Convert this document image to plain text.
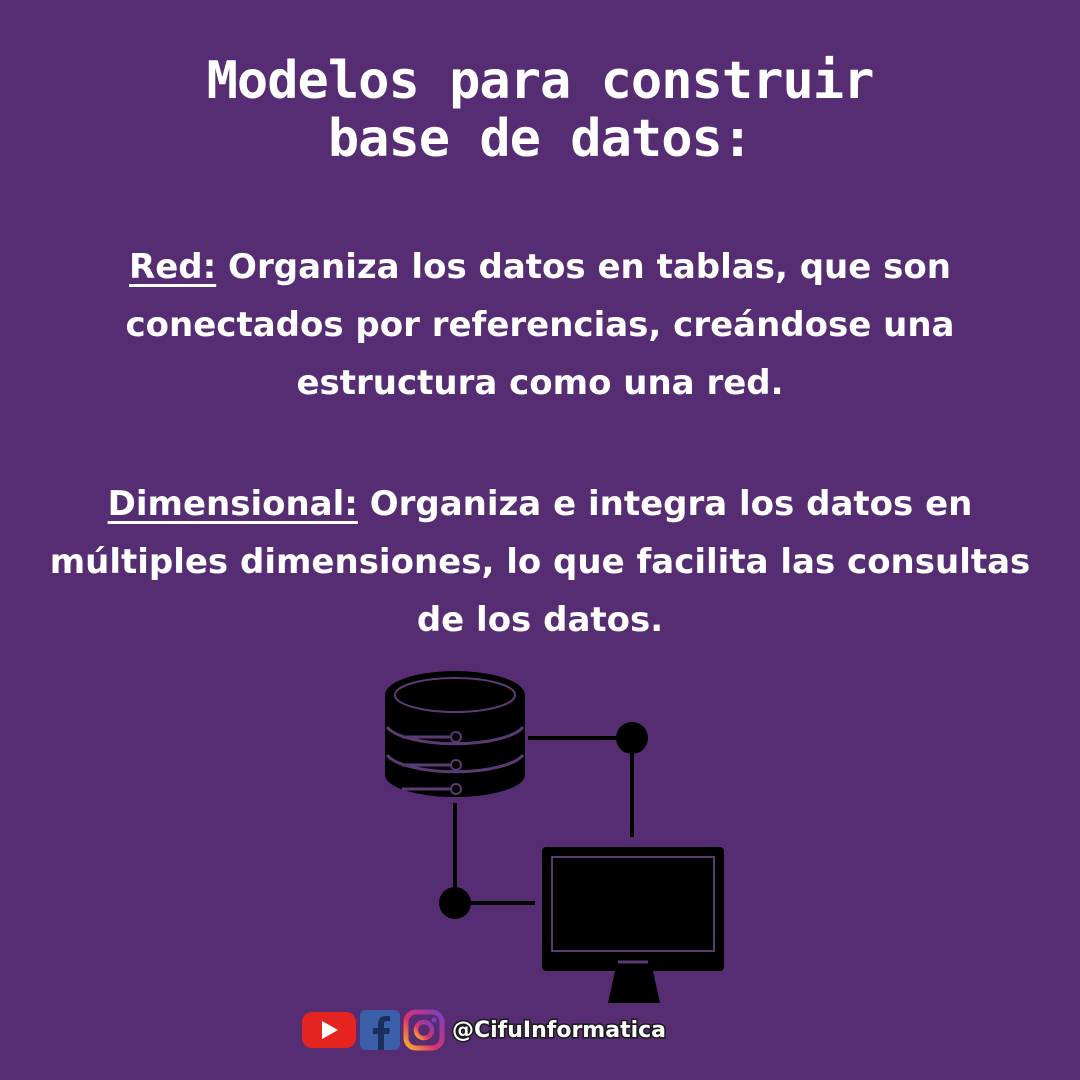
Modelos para construir
base de datos:
Red: Organiza los datos en tablas, que son conectados por referencias, creándose una estructura como una red.
Dimensional: Organiza e integra los datos en múltiples dimensiones, lo que facilita las consultas de los datos.
@CifuInformatica
